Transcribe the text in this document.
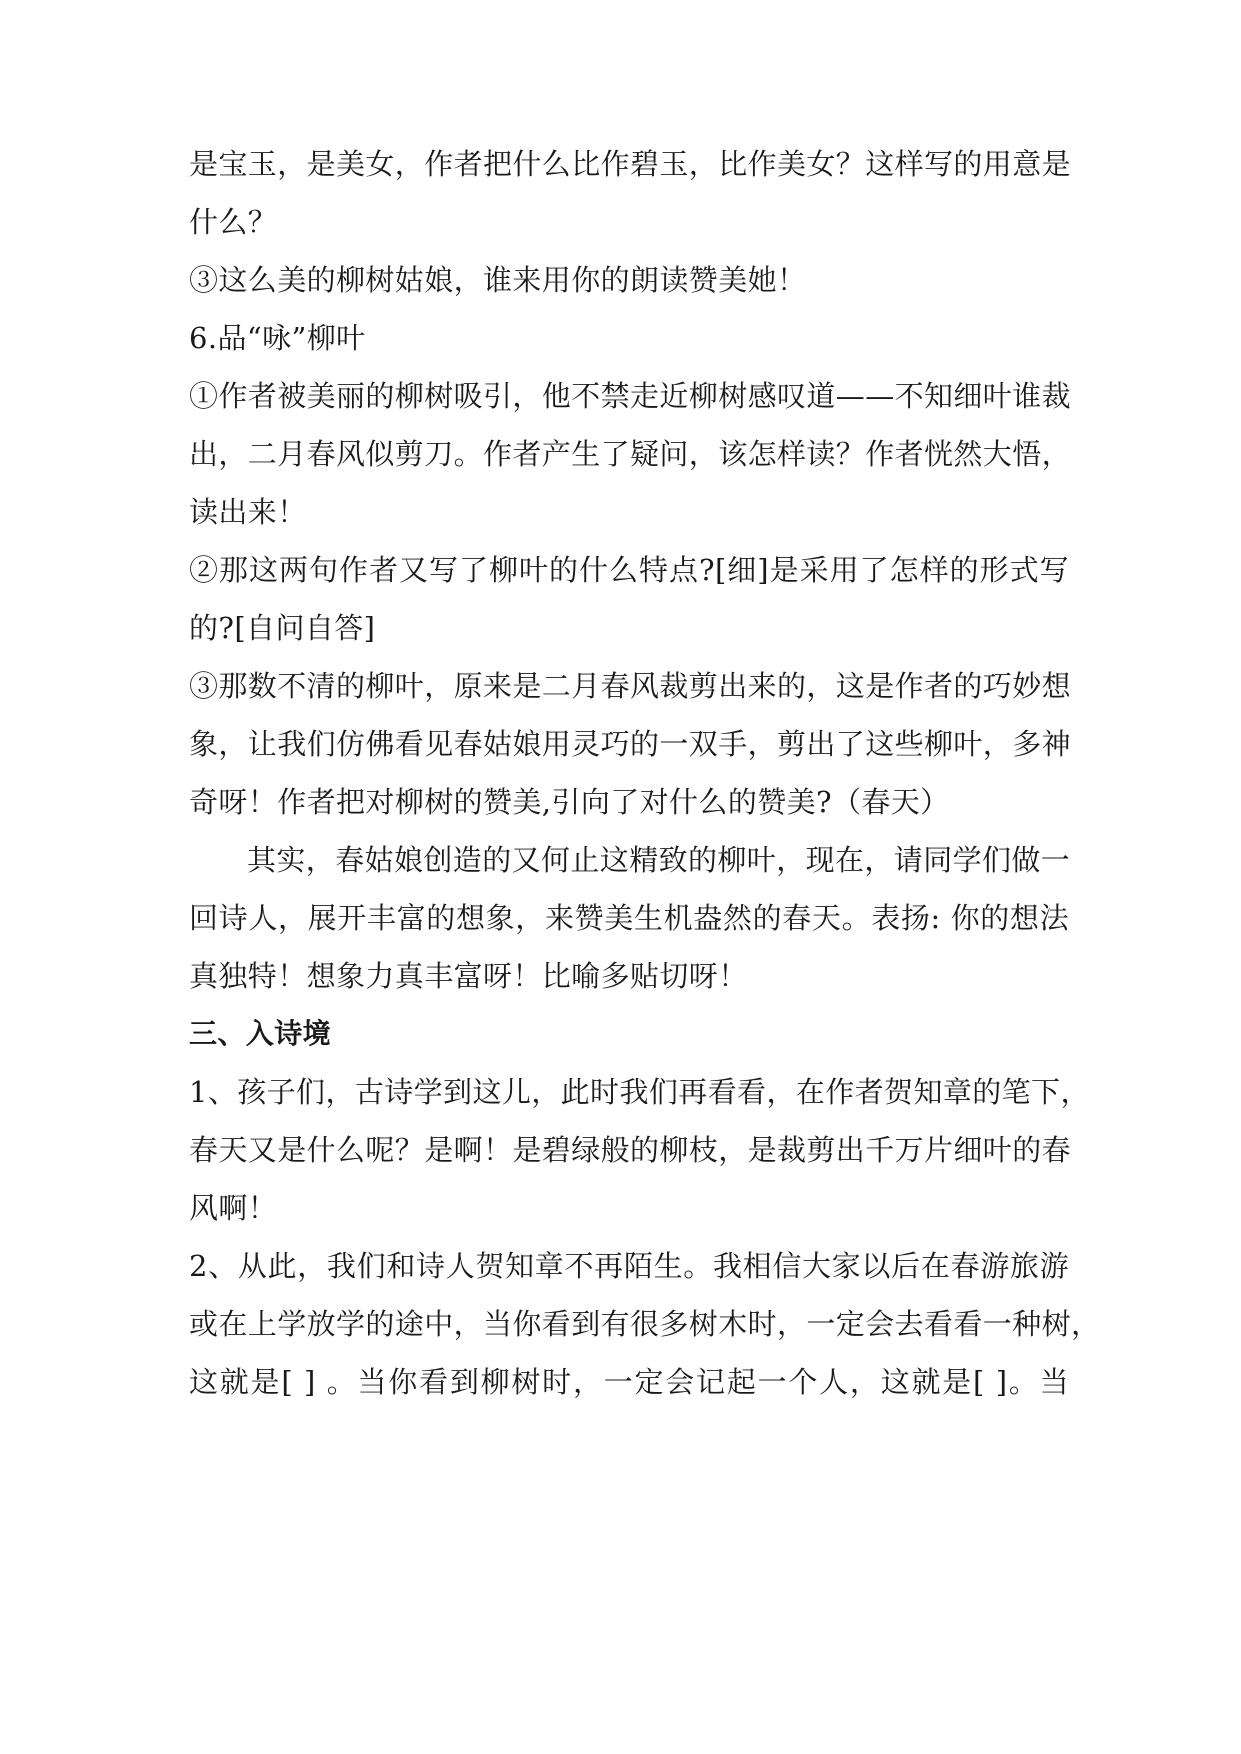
是宝玉，是美女，作者把什么比作碧玉，比作美女？这样写的用意是
什么？
③这么美的柳树姑娘，谁来用你的朗读赞美她！
6.品“咏”柳叶
①作者被美丽的柳树吸引，他不禁走近柳树感叹道——不知细叶谁裁
出，二月春风似剪刀。作者产生了疑问，该怎样读？作者恍然大悟，
读出来！
②那这两句作者又写了柳叶的什么特点?[细]是采用了怎样的形式写
的?[自问自答]
③那数不清的柳叶，原来是二月春风裁剪出来的，这是作者的巧妙想
象，让我们仿佛看见春姑娘用灵巧的一双手，剪出了这些柳叶，多神
奇呀！作者把对柳树的赞美,引向了对什么的赞美?（春天）
其实，春姑娘创造的又何止这精致的柳叶，现在，请同学们做一
回诗人，展开丰富的想象，来赞美生机盎然的春天。表扬: 你的想法
真独特！想象力真丰富呀！比喻多贴切呀！
三、入诗境
1、孩子们，古诗学到这儿，此时我们再看看，在作者贺知章的笔下，
春天又是什么呢？是啊！是碧绿般的柳枝，是裁剪出千万片细叶的春
风啊！
2、从此，我们和诗人贺知章不再陌生。我相信大家以后在春游旅游
或在上学放学的途中，当你看到有很多树木时，一定会去看看一种树，
这就是[ ] 。当你看到柳树时，一定会记起一个人，这就是[ ]。当
